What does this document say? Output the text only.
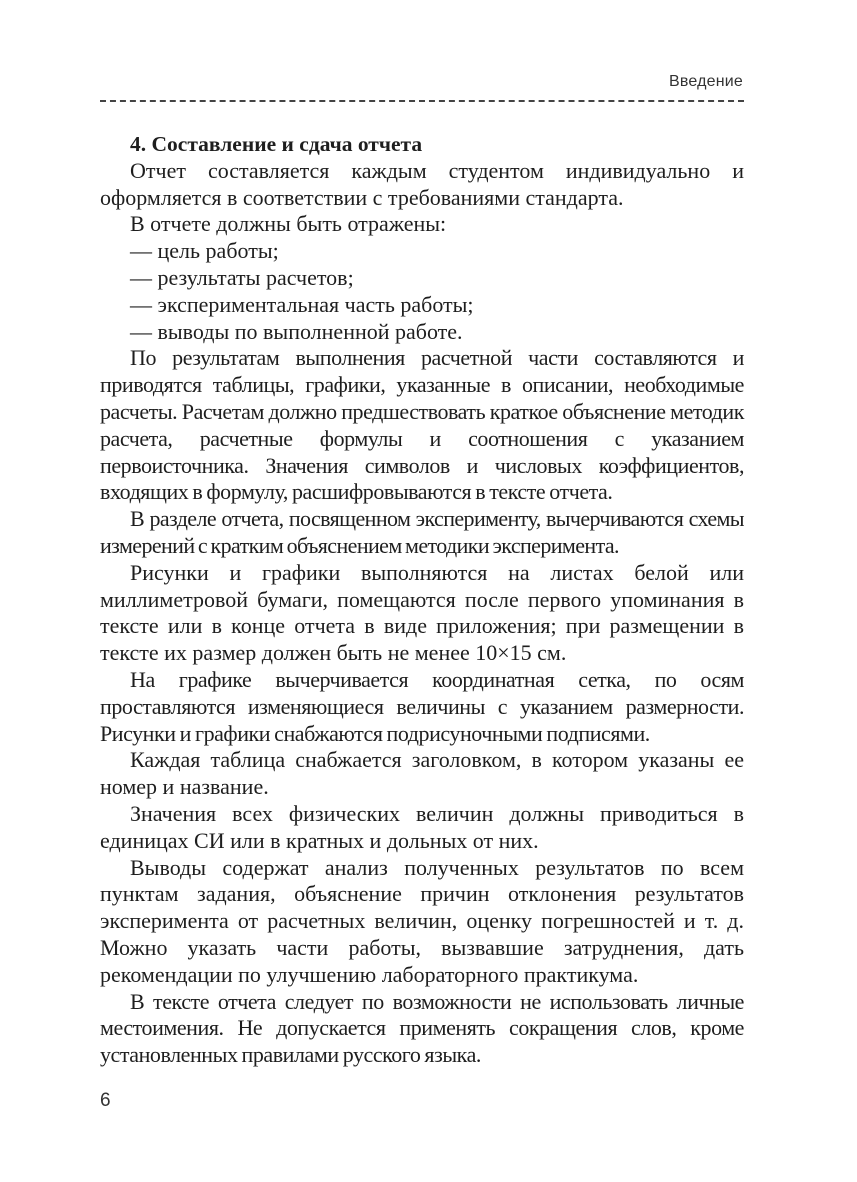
Введение
4. Составление и сдача отчета

Отчет составляется каждым студентом индивидуально и оформляется в соответствии с требованиями стандарта.

В отчете должны быть отражены:

— цель работы;

— результаты расчетов;

— экспериментальная часть работы;

— выводы по выполненной работе.

По результатам выполнения расчетной части составляются и приводятся таблицы, графики, указанные в описании, необходимые расчеты. Расчетам должно предшествовать краткое объяснение методик расчета, расчетные формулы и соотношения с указанием первоисточника. Значения символов и числовых коэффициентов, входящих в формулу, расшифровываются в тексте отчета.

В разделе отчета, посвященном эксперименту, вычерчиваются схемы измерений с кратким объяснением методики эксперимента.

Рисунки и графики выполняются на листах белой или миллиметровой бумаги, помещаются после первого упоминания в тексте или в конце отчета в виде приложения; при размещении в тексте их размер должен быть не менее 10×15 см.

На графике вычерчивается координатная сетка, по осям проставляются изменяющиеся величины с указанием размерности. Рисунки и графики снабжаются подрисуночными подписями.

Каждая таблица снабжается заголовком, в котором указаны ее номер и название.

Значения всех физических величин должны приводиться в единицах СИ или в кратных и дольных от них.

Выводы содержат анализ полученных результатов по всем пунктам задания, объяснение причин отклонения результатов эксперимента от расчетных величин, оценку погрешностей и т. д. Можно указать части работы, вызвавшие затруднения, дать рекомендации по улучшению лабораторного практикума.

В тексте отчета следует по возможности не использовать личные местоимения. Не допускается применять сокращения слов, кроме установленных правилами русского языка.

6
